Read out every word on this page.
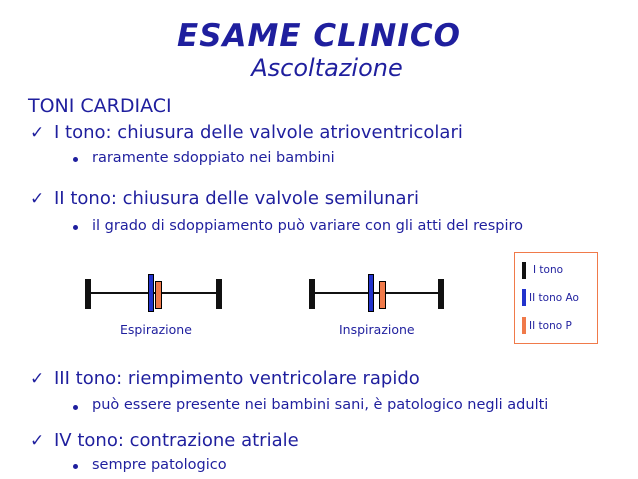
ESAME CLINICO
Ascoltazione
TONI CARDIACI
✓ I tono: chiusura delle valvole atrioventricolari
raramente sdoppiato nei bambini
✓ II tono: chiusura delle valvole semilunari
il grado di sdoppiamento può variare con gli atti del respiro
Espirazione	Inspirazione
I tono
II tono Ao
II tono P
✓ III tono: riempimento ventricolare rapido
può essere presente nei bambini sani, è patologico negli adulti
✓ IV tono: contrazione atriale
sempre patologico
